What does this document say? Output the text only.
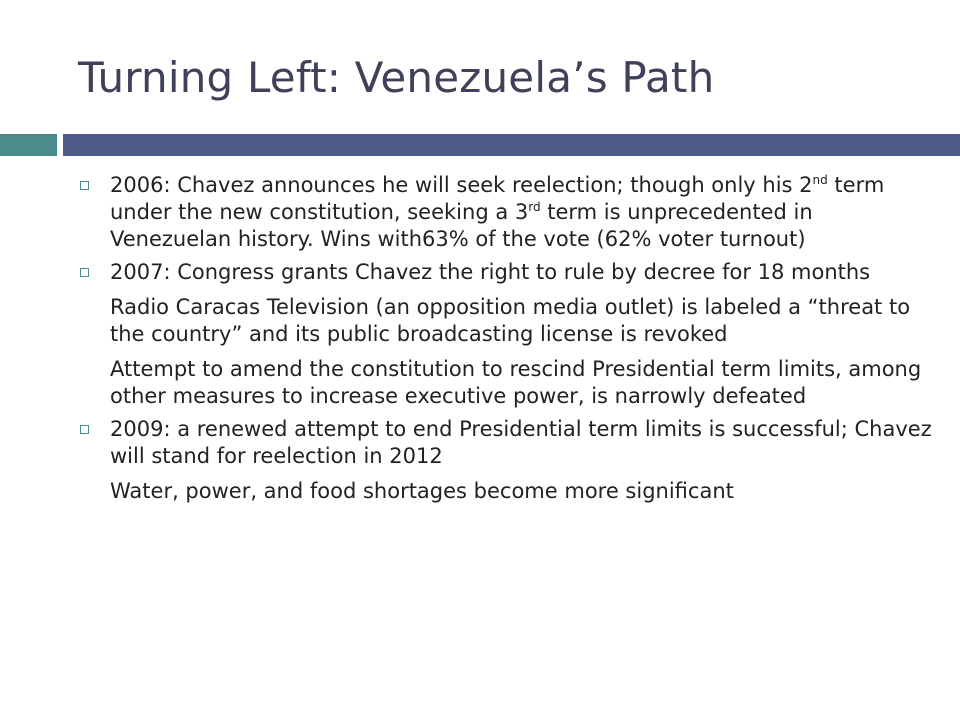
Turning Left: Venezuela’s Path
2006: Chavez announces he will seek reelection; though only his 2nd term under the new constitution, seeking a 3rd term is unprecedented in Venezuelan history. Wins with63% of the vote (62% voter turnout)
2007: Congress grants Chavez the right to rule by decree for 18 months
Radio Caracas Television (an opposition media outlet) is labeled a “threat to the country” and its public broadcasting license is revoked
Attempt to amend the constitution to rescind Presidential term limits, among other measures to increase executive power, is narrowly defeated
2009: a renewed attempt to end Presidential term limits is successful; Chavez will stand for reelection in 2012
Water, power, and food shortages become more significant
